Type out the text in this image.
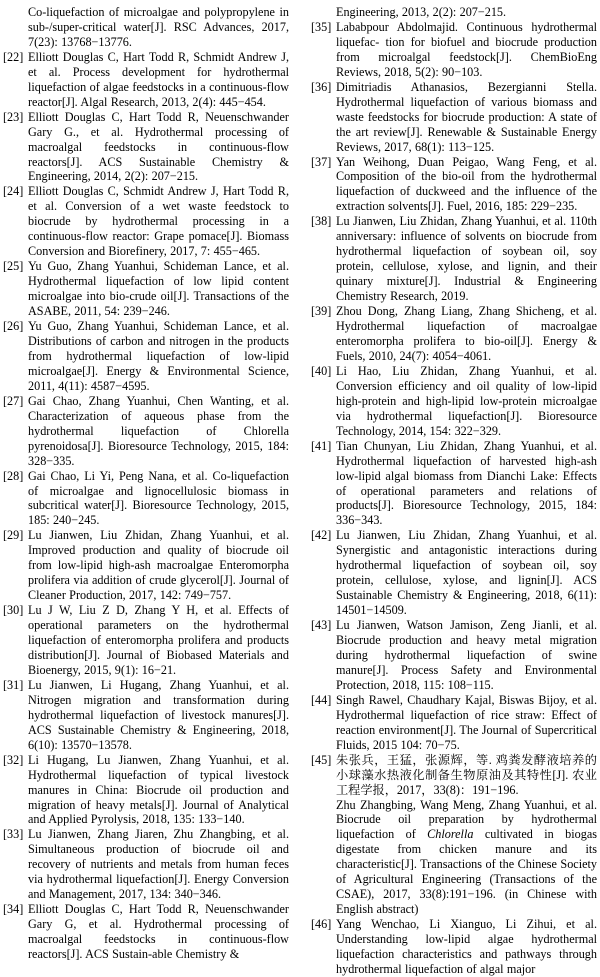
Co-liquefaction of microalgae and polypropylene in sub-/super-critical water[J]. RSC Advances, 2017, 7(23): 13768−13776.
[22] Elliott Douglas C, Hart Todd R, Schmidt Andrew J, et al. Process development for hydrothermal liquefaction of algae feedstocks in a continuous-flow reactor[J]. Algal Research, 2013, 2(4): 445−454.
[23] Elliott Douglas C, Hart Todd R, Neuenschwander Gary G., et al. Hydrothermal processing of macroalgal feedstocks in continuous-flow reactors[J]. ACS Sustainable Chemistry & Engineering, 2014, 2(2): 207−215.
[24] Elliott Douglas C, Schmidt Andrew J, Hart Todd R, et al. Conversion of a wet waste feedstock to biocrude by hydrothermal processing in a continuous-flow reactor: Grape pomace[J]. Biomass Conversion and Biorefinery, 2017, 7: 455−465.
[25] Yu Guo, Zhang Yuanhui, Schideman Lance, et al. Hydrothermal liquefaction of low lipid content microalgae into bio-crude oil[J]. Transactions of the ASABE, 2011, 54: 239−246.
[26] Yu Guo, Zhang Yuanhui, Schideman Lance, et al. Distributions of carbon and nitrogen in the products from hydrothermal liquefaction of low-lipid microalgae[J]. Energy & Environmental Science, 2011, 4(11): 4587−4595.
[27] Gai Chao, Zhang Yuanhui, Chen Wanting, et al. Characterization of aqueous phase from the hydrothermal liquefaction of Chlorella pyrenoidosa[J]. Bioresource Technology, 2015, 184: 328−335.
[28] Gai Chao, Li Yi, Peng Nana, et al. Co-liquefaction of microalgae and lignocellulosic biomass in subcritical water[J]. Bioresource Technology, 2015, 185: 240−245.
[29] Lu Jianwen, Liu Zhidan, Zhang Yuanhui, et al. Improved production and quality of biocrude oil from low-lipid high-ash macroalgae Enteromorpha prolifera via addition of crude glycerol[J]. Journal of Cleaner Production, 2017, 142: 749−757.
[30] Lu J W, Liu Z D, Zhang Y H, et al. Effects of operational parameters on the hydrothermal liquefaction of enteromorpha prolifera and products distribution[J]. Journal of Biobased Materials and Bioenergy, 2015, 9(1): 16−21.
[31] Lu Jianwen, Li Hugang, Zhang Yuanhui, et al. Nitrogen migration and transformation during hydrothermal liquefaction of livestock manures[J]. ACS Sustainable Chemistry & Engineering, 2018, 6(10): 13570−13578.
[32] Li Hugang, Lu Jianwen, Zhang Yuanhui, et al. Hydrothermal liquefaction of typical livestock manures in China: Biocrude oil production and migration of heavy metals[J]. Journal of Analytical and Applied Pyrolysis, 2018, 135: 133−140.
[33] Lu Jianwen, Zhang Jiaren, Zhu Zhangbing, et al. Simultaneous production of biocrude oil and recovery of nutrients and metals from human feces via hydrothermal liquefaction[J]. Energy Conversion and Management, 2017, 134: 340−346.
[34] Elliott Douglas C, Hart Todd R, Neuenschwander Gary G, et al. Hydrothermal processing of macroalgal feedstocks in continuous-flow reactors[J]. ACS Sustain-able Chemistry &
Engineering, 2013, 2(2): 207−215.
[35] Lababpour Abdolmajid. Continuous hydrothermal liquefac- tion for biofuel and biocrude production from microalgal feedstock[J]. ChemBioEng Reviews, 2018, 5(2): 90−103.
[36] Dimitriadis Athanasios, Bezergianni Stella. Hydrothermal liquefaction of various biomass and waste feedstocks for biocrude production: A state of the art review[J]. Renewable & Sustainable Energy Reviews, 2017, 68(1): 113−125.
[37] Yan Weihong, Duan Peigao, Wang Feng, et al. Composition of the bio-oil from the hydrothermal liquefaction of duckweed and the influence of the extraction solvents[J]. Fuel, 2016, 185: 229−235.
[38] Lu Jianwen, Liu Zhidan, Zhang Yuanhui, et al. 110th anniversary: influence of solvents on biocrude from hydrothermal liquefaction of soybean oil, soy protein, cellulose, xylose, and lignin, and their quinary mixture[J]. Industrial & Engineering Chemistry Research, 2019.
[39] Zhou Dong, Zhang Liang, Zhang Shicheng, et al. Hydrothermal liquefaction of macroalgae enteromorpha prolifera to bio-oil[J]. Energy & Fuels, 2010, 24(7): 4054−4061.
[40] Li Hao, Liu Zhidan, Zhang Yuanhui, et al. Conversion efficiency and oil quality of low-lipid high-protein and high-lipid low-protein microalgae via hydrothermal liquefaction[J]. Bioresource Technology, 2014, 154: 322−329.
[41] Tian Chunyan, Liu Zhidan, Zhang Yuanhui, et al. Hydrothermal liquefaction of harvested high-ash low-lipid algal biomass from Dianchi Lake: Effects of operational parameters and relations of products[J]. Bioresource Technology, 2015, 184: 336−343.
[42] Lu Jianwen, Liu Zhidan, Zhang Yuanhui, et al. Synergistic and antagonistic interactions during hydrothermal liquefaction of soybean oil, soy protein, cellulose, xylose, and lignin[J]. ACS Sustainable Chemistry & Engineering, 2018, 6(11): 14501−14509.
[43] Lu Jianwen, Watson Jamison, Zeng Jianli, et al. Biocrude production and heavy metal migration during hydrothermal liquefaction of swine manure[J]. Process Safety and Environmental Protection, 2018, 115: 108−115.
[44] Singh Rawel, Chaudhary Kajal, Biswas Bijoy, et al. Hydrothermal liquefaction of rice straw: Effect of reaction environment[J]. The Journal of Supercritical Fluids, 2015 104: 70−75.
[45] 朱张兵，王猛，张源辉，等. 鸡粪发酵液培养的小球藻水热液化制备生物原油及其特性[J]. 农业工程学报，2017，33(8)：191−196.
Zhu Zhangbing, Wang Meng, Zhang Yuanhui, et al. Biocrude oil preparation by hydrothermal liquefaction of Chlorella cultivated in biogas digestate from chicken manure and its characteristic[J]. Transactions of the Chinese Society of Agricultural Engineering (Transactions of the CSAE), 2017, 33(8):191−196. (in Chinese with English abstract)
[46] Yang Wenchao, Li Xianguo, Li Zihui, et al. Understanding low-lipid algae hydrothermal liquefaction characteristics and pathways through hydrothermal liquefaction of algal major
